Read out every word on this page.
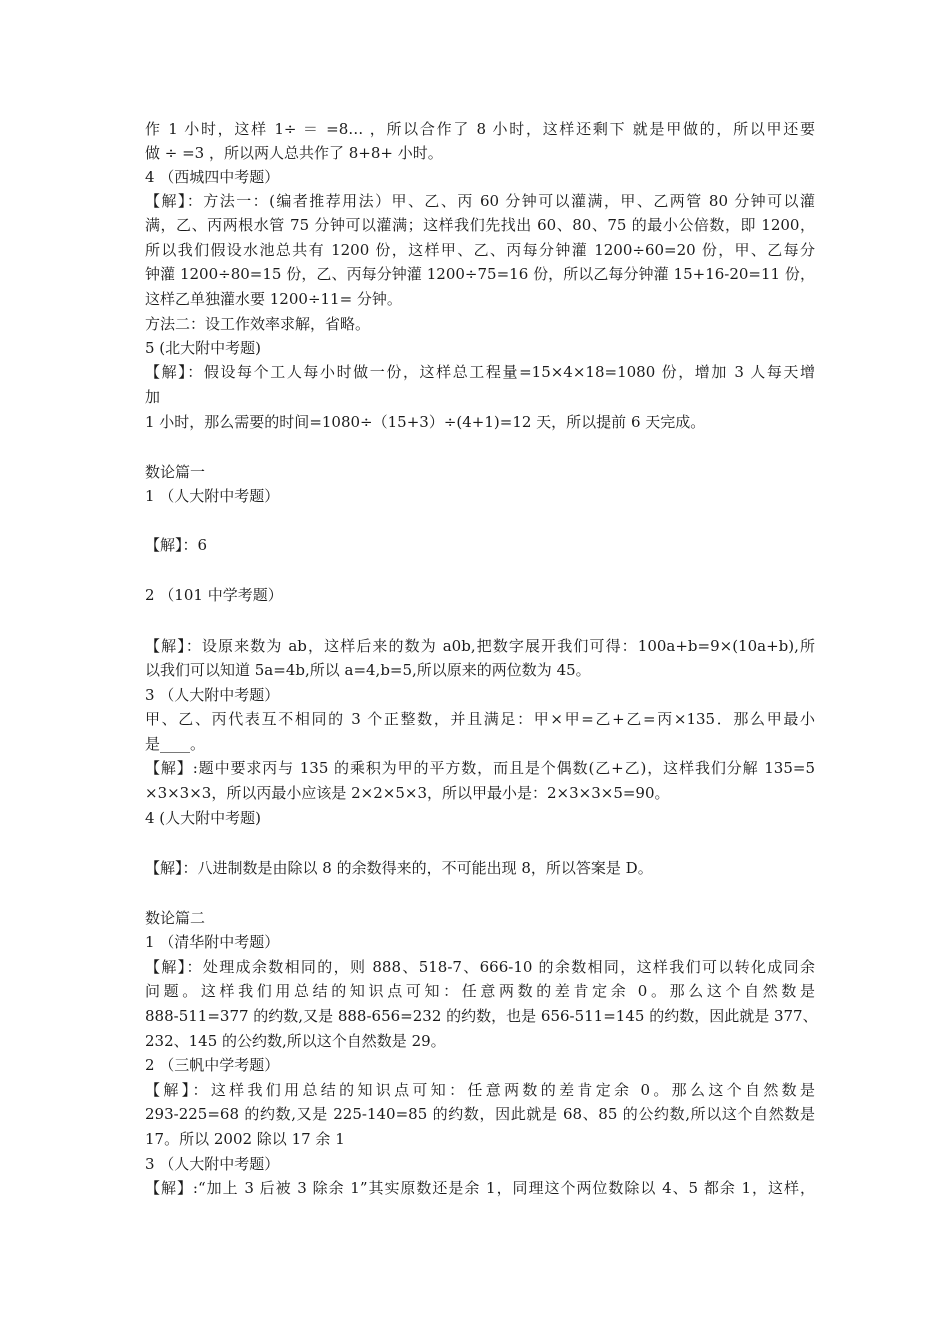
作 1 小时，这样 1÷ ＝ =8… ，所以合作了 8 小时，这样还剩下 就是甲做的，所以甲还要
做 ÷ =3 ，所以两人总共作了 8+8+ 小时。
4 （西城四中考题）
【解】：方法一：(编者推荐用法）甲、乙、丙 60 分钟可以灌满，甲、乙两管 80 分钟可以灌
满，乙、丙两根水管 75 分钟可以灌满；这样我们先找出 60、80、75 的最小公倍数，即 1200，
所以我们假设水池总共有 1200 份，这样甲、乙、丙每分钟灌 1200÷60=20 份，甲、乙每分
钟灌 1200÷80=15 份，乙、丙每分钟灌 1200÷75=16 份，所以乙每分钟灌 15+16-20=11 份，
这样乙单独灌水要 1200÷11= 分钟。
方法二：设工作效率求解，省略。
5 (北大附中考题)
【解】：假设每个工人每小时做一份，这样总工程量=15×4×18=1080 份，增加 3 人每天增
加
1 小时，那么需要的时间=1080÷（15+3）÷(4+1)=12 天，所以提前 6 天完成。
数论篇一
1 （人大附中考题）
【解】：6
2 （101 中学考题）
【解】：设原来数为 ab，这样后来的数为 a0b,把数字展开我们可得：100a+b=9×(10a+b),所
以我们可以知道 5a=4b,所以 a=4,b=5,所以原来的两位数为 45。
3 （人大附中考题）
甲、乙、丙代表互不相同的 3 个正整数，并且满足：甲×甲=乙+乙=丙×135．那么甲最小
是____。
【解】:题中要求丙与 135 的乘积为甲的平方数，而且是个偶数(乙+乙)，这样我们分解 135=5
×3×3×3，所以丙最小应该是 2×2×5×3，所以甲最小是：2×3×3×5=90。
4 (人大附中考题)
【解】：八进制数是由除以 8 的余数得来的，不可能出现 8，所以答案是 D。
数论篇二
1 （清华附中考题）
【解】：处理成余数相同的，则 888、518-7、666-10 的余数相同，这样我们可以转化成同余
问题。这样我们用总结的知识点可知：任意两数的差肯定余 0。那么这个自然数是
888-511=377 的约数,又是 888-656=232 的约数，也是 656-511=145 的约数，因此就是 377、
232、145 的公约数,所以这个自然数是 29。
2 （三帆中学考题）
【解】：这样我们用总结的知识点可知：任意两数的差肯定余 0。那么这个自然数是
293-225=68 的约数,又是 225-140=85 的约数，因此就是 68、85 的公约数,所以这个自然数是
17。所以 2002 除以 17 余 1
3 （人大附中考题）
【解】:“加上 3 后被 3 除余 1”其实原数还是余 1，同理这个两位数除以 4、5 都余 1，这样，
